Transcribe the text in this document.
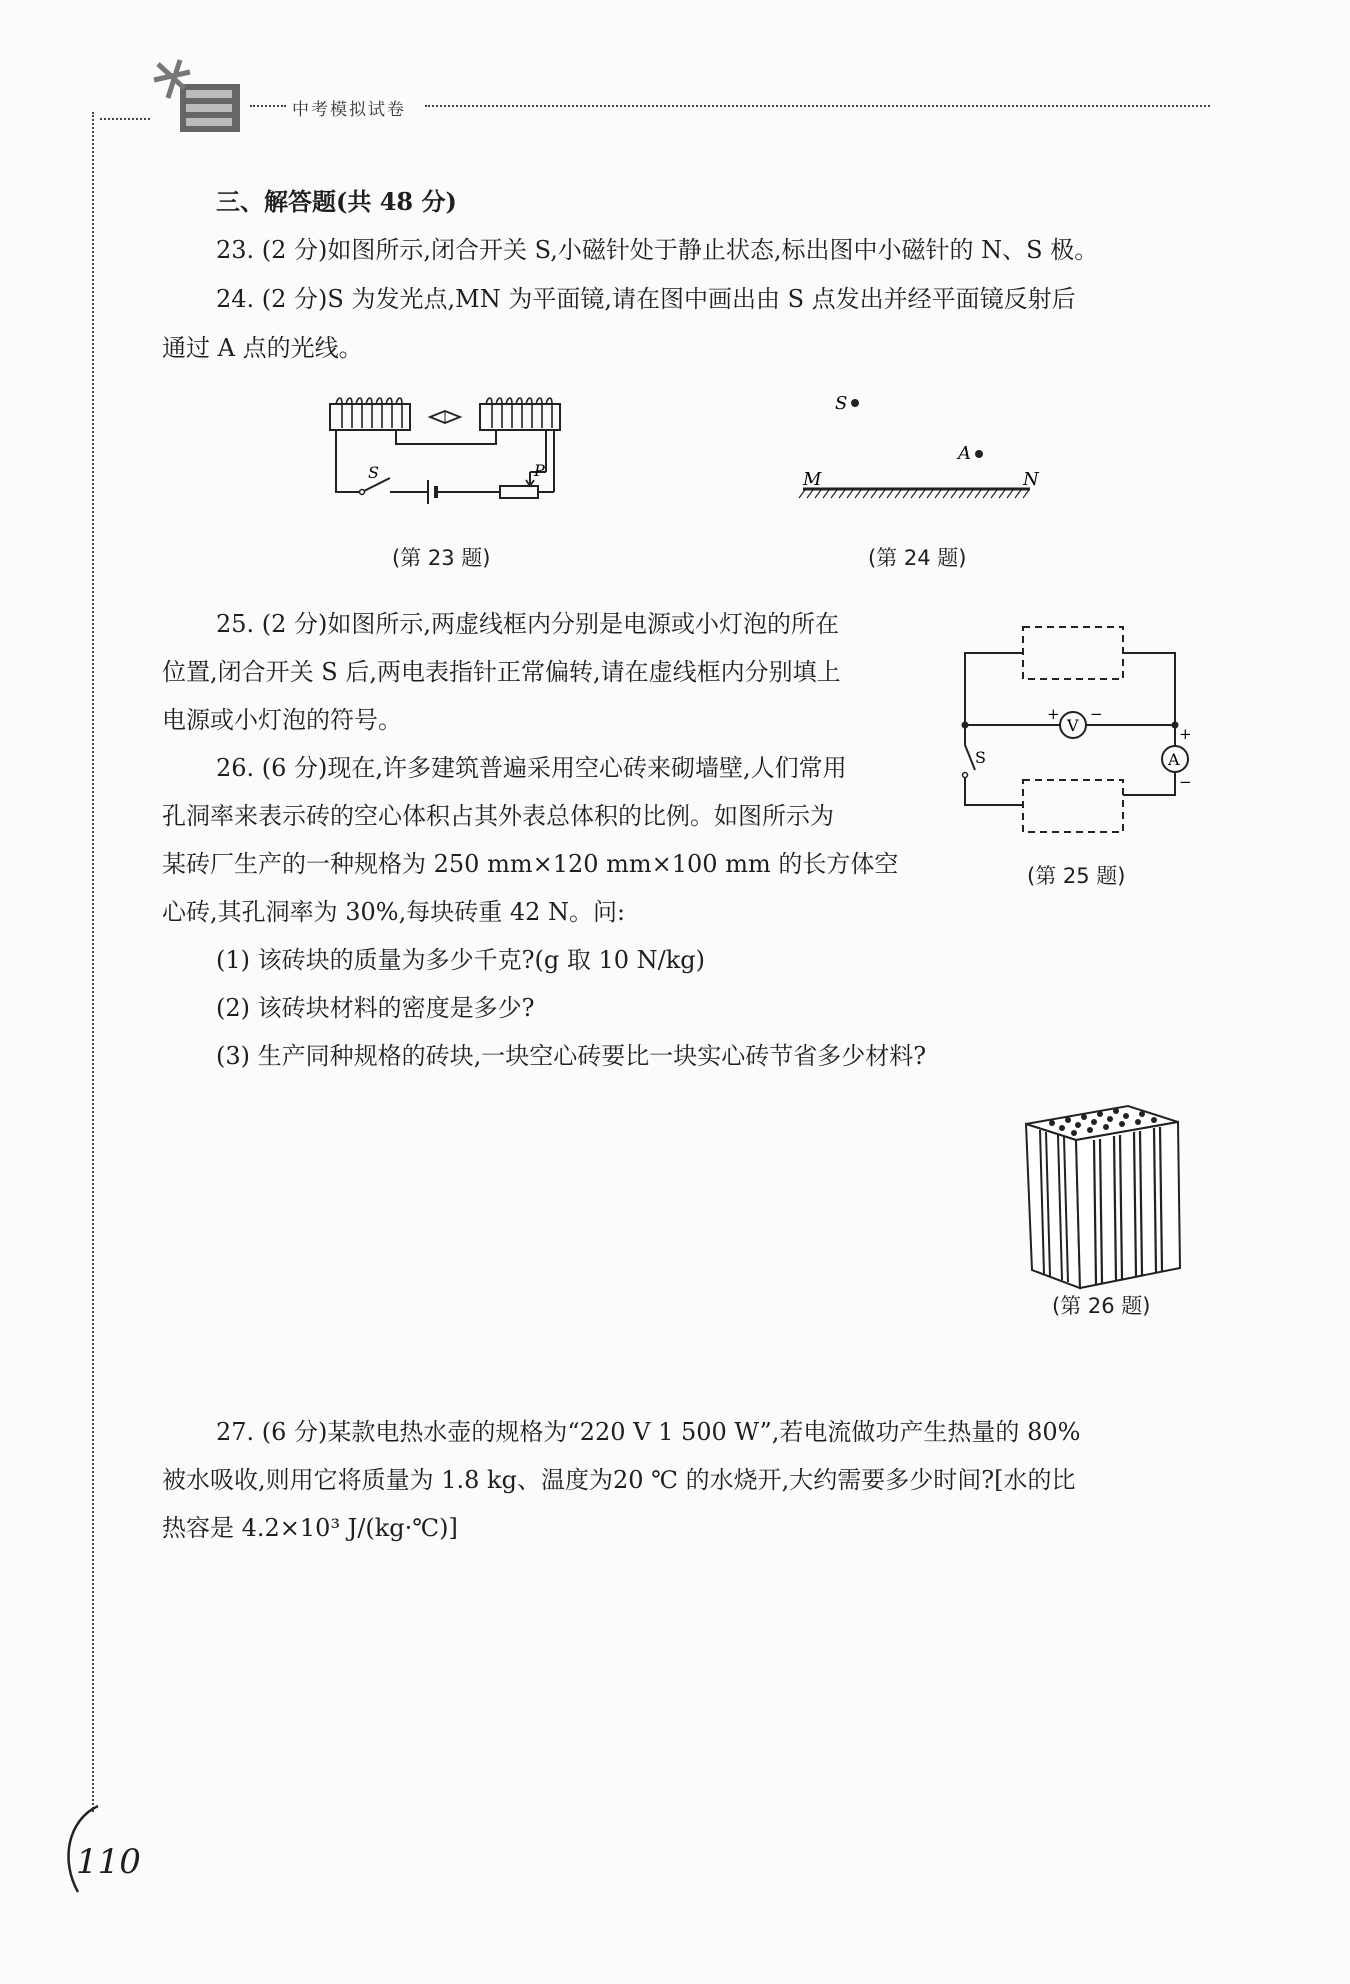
中考模拟试卷
三、解答题(共 48 分)
23. (2 分)如图所示,闭合开关 S,小磁针处于静止状态,标出图中小磁针的 N、S 极。
24. (2 分)S 为发光点,MN 为平面镜,请在图中画出由 S 点发出并经平面镜反射后
通过 A 点的光线。
S	P
(第 23 题)
S
A
M	N
(第 24 题)
25. (2 分)如图所示,两虚线框内分别是电源或小灯泡的所在
位置,闭合开关 S 后,两电表指针正常偏转,请在虚线框内分别填上
电源或小灯泡的符号。
26. (6 分)现在,许多建筑普遍采用空心砖来砌墙壁,人们常用
孔洞率来表示砖的空心体积占其外表总体积的比例。如图所示为
某砖厂生产的一种规格为 250 mm×120 mm×100 mm 的长方体空
心砖,其孔洞率为 30%,每块砖重 42 N。问:
(1) 该砖块的质量为多少千克?(g 取 10 N/kg)
(2) 该砖块材料的密度是多少?
(3) 生产同种规格的砖块,一块空心砖要比一块实心砖节省多少材料?
V
+ −
A
+
−
S
(第 25 题)
(第 26 题)
27. (6 分)某款电热水壶的规格为“220 V 1 500 W”,若电流做功产生热量的 80%
被水吸收,则用它将质量为 1.8 kg、温度为20 ℃ 的水烧开,大约需要多少时间?[水的比
热容是 4.2×10³ J/(kg·℃)]
110
